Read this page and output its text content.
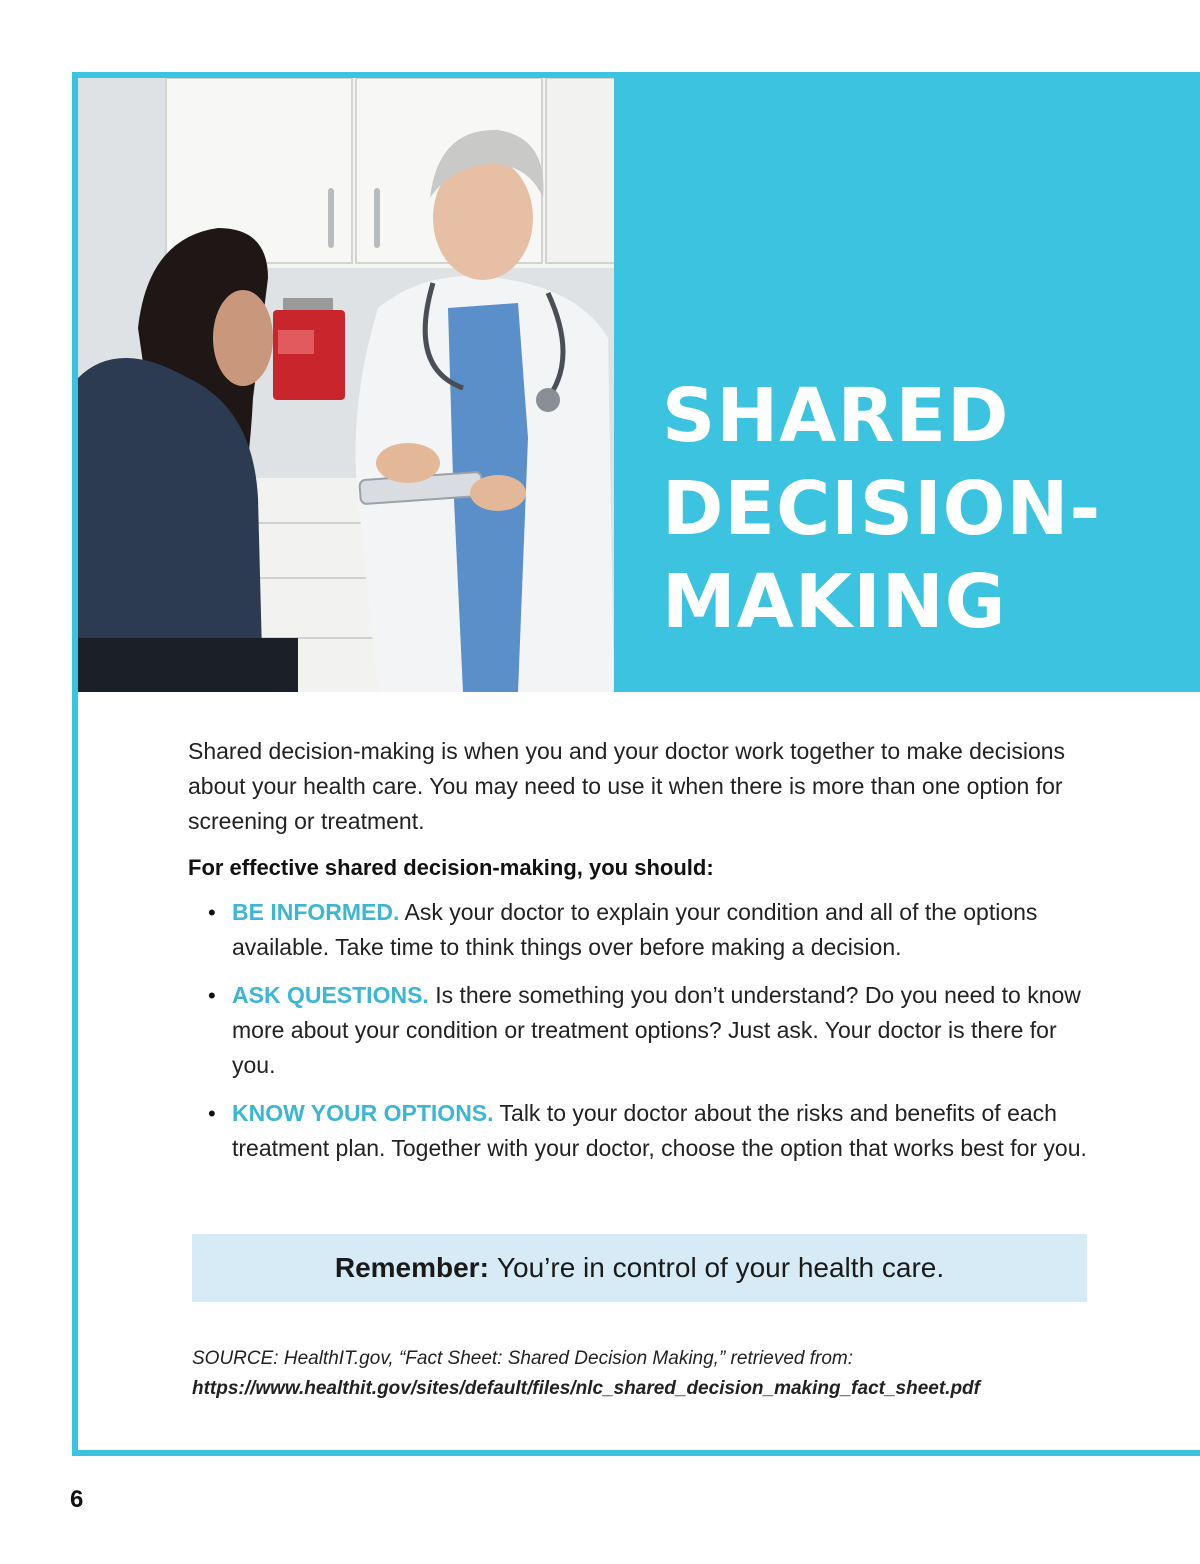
SHARED
DECISION-
MAKING

Shared decision-making is when you and your doctor work together to make decisions about your health care. You may need to use it when there is more than one option for screening or treatment.

For effective shared decision-making, you should:

• BE INFORMED. Ask your doctor to explain your condition and all of the options available. Take time to think things over before making a decision.
• ASK QUESTIONS. Is there something you don’t understand? Do you need to know more about your condition or treatment options? Just ask. Your doctor is there for you.
• KNOW YOUR OPTIONS. Talk to your doctor about the risks and benefits of each treatment plan. Together with your doctor, choose the option that works best for you.
Remember: You’re in control of your health care.
SOURCE: HealthIT.gov, “Fact Sheet: Shared Decision Making,” retrieved from: https://www.healthit.gov/sites/default/files/nlc_shared_decision_making_fact_sheet.pdf
6
